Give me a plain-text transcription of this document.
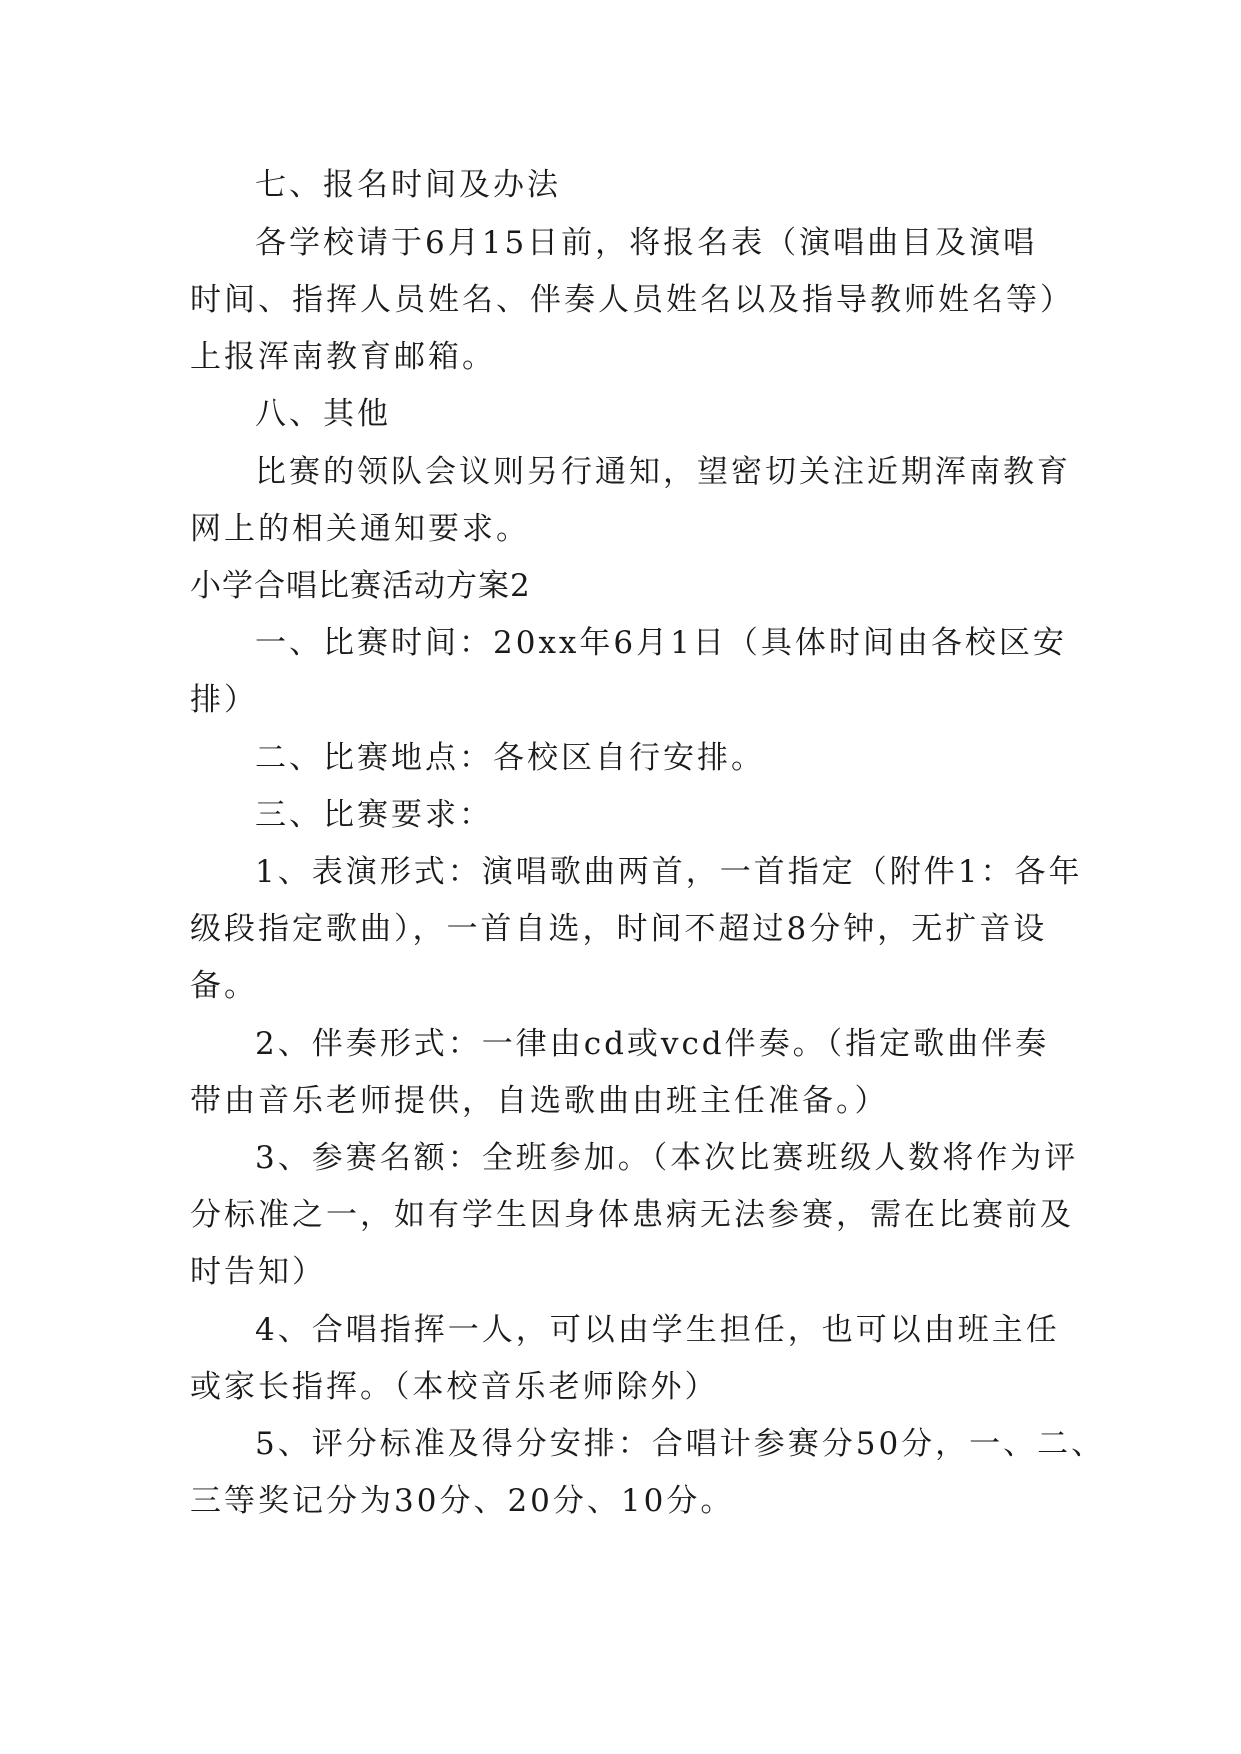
七、报名时间及办法
各学校请于6月15日前，将报名表（演唱曲目及演唱
时间、指挥人员姓名、伴奏人员姓名以及指导教师姓名等）
上报浑南教育邮箱。
八、其他
比赛的领队会议则另行通知，望密切关注近期浑南教育
网上的相关通知要求。
小学合唱比赛活动方案2
一、比赛时间：20xx年6月1日（具体时间由各校区安
排）
二、比赛地点：各校区自行安排。
三、比赛要求：
1、表演形式：演唱歌曲两首，一首指定（附件1：各年
级段指定歌曲），一首自选，时间不超过8分钟，无扩音设
备。
2、伴奏形式：一律由cd或vcd伴奏。（指定歌曲伴奏
带由音乐老师提供，自选歌曲由班主任准备。）
3、参赛名额：全班参加。（本次比赛班级人数将作为评
分标准之一，如有学生因身体患病无法参赛，需在比赛前及
时告知）
4、合唱指挥一人，可以由学生担任，也可以由班主任
或家长指挥。（本校音乐老师除外）
5、评分标准及得分安排：合唱计参赛分50分，一、二、
三等奖记分为30分、20分、10分。
